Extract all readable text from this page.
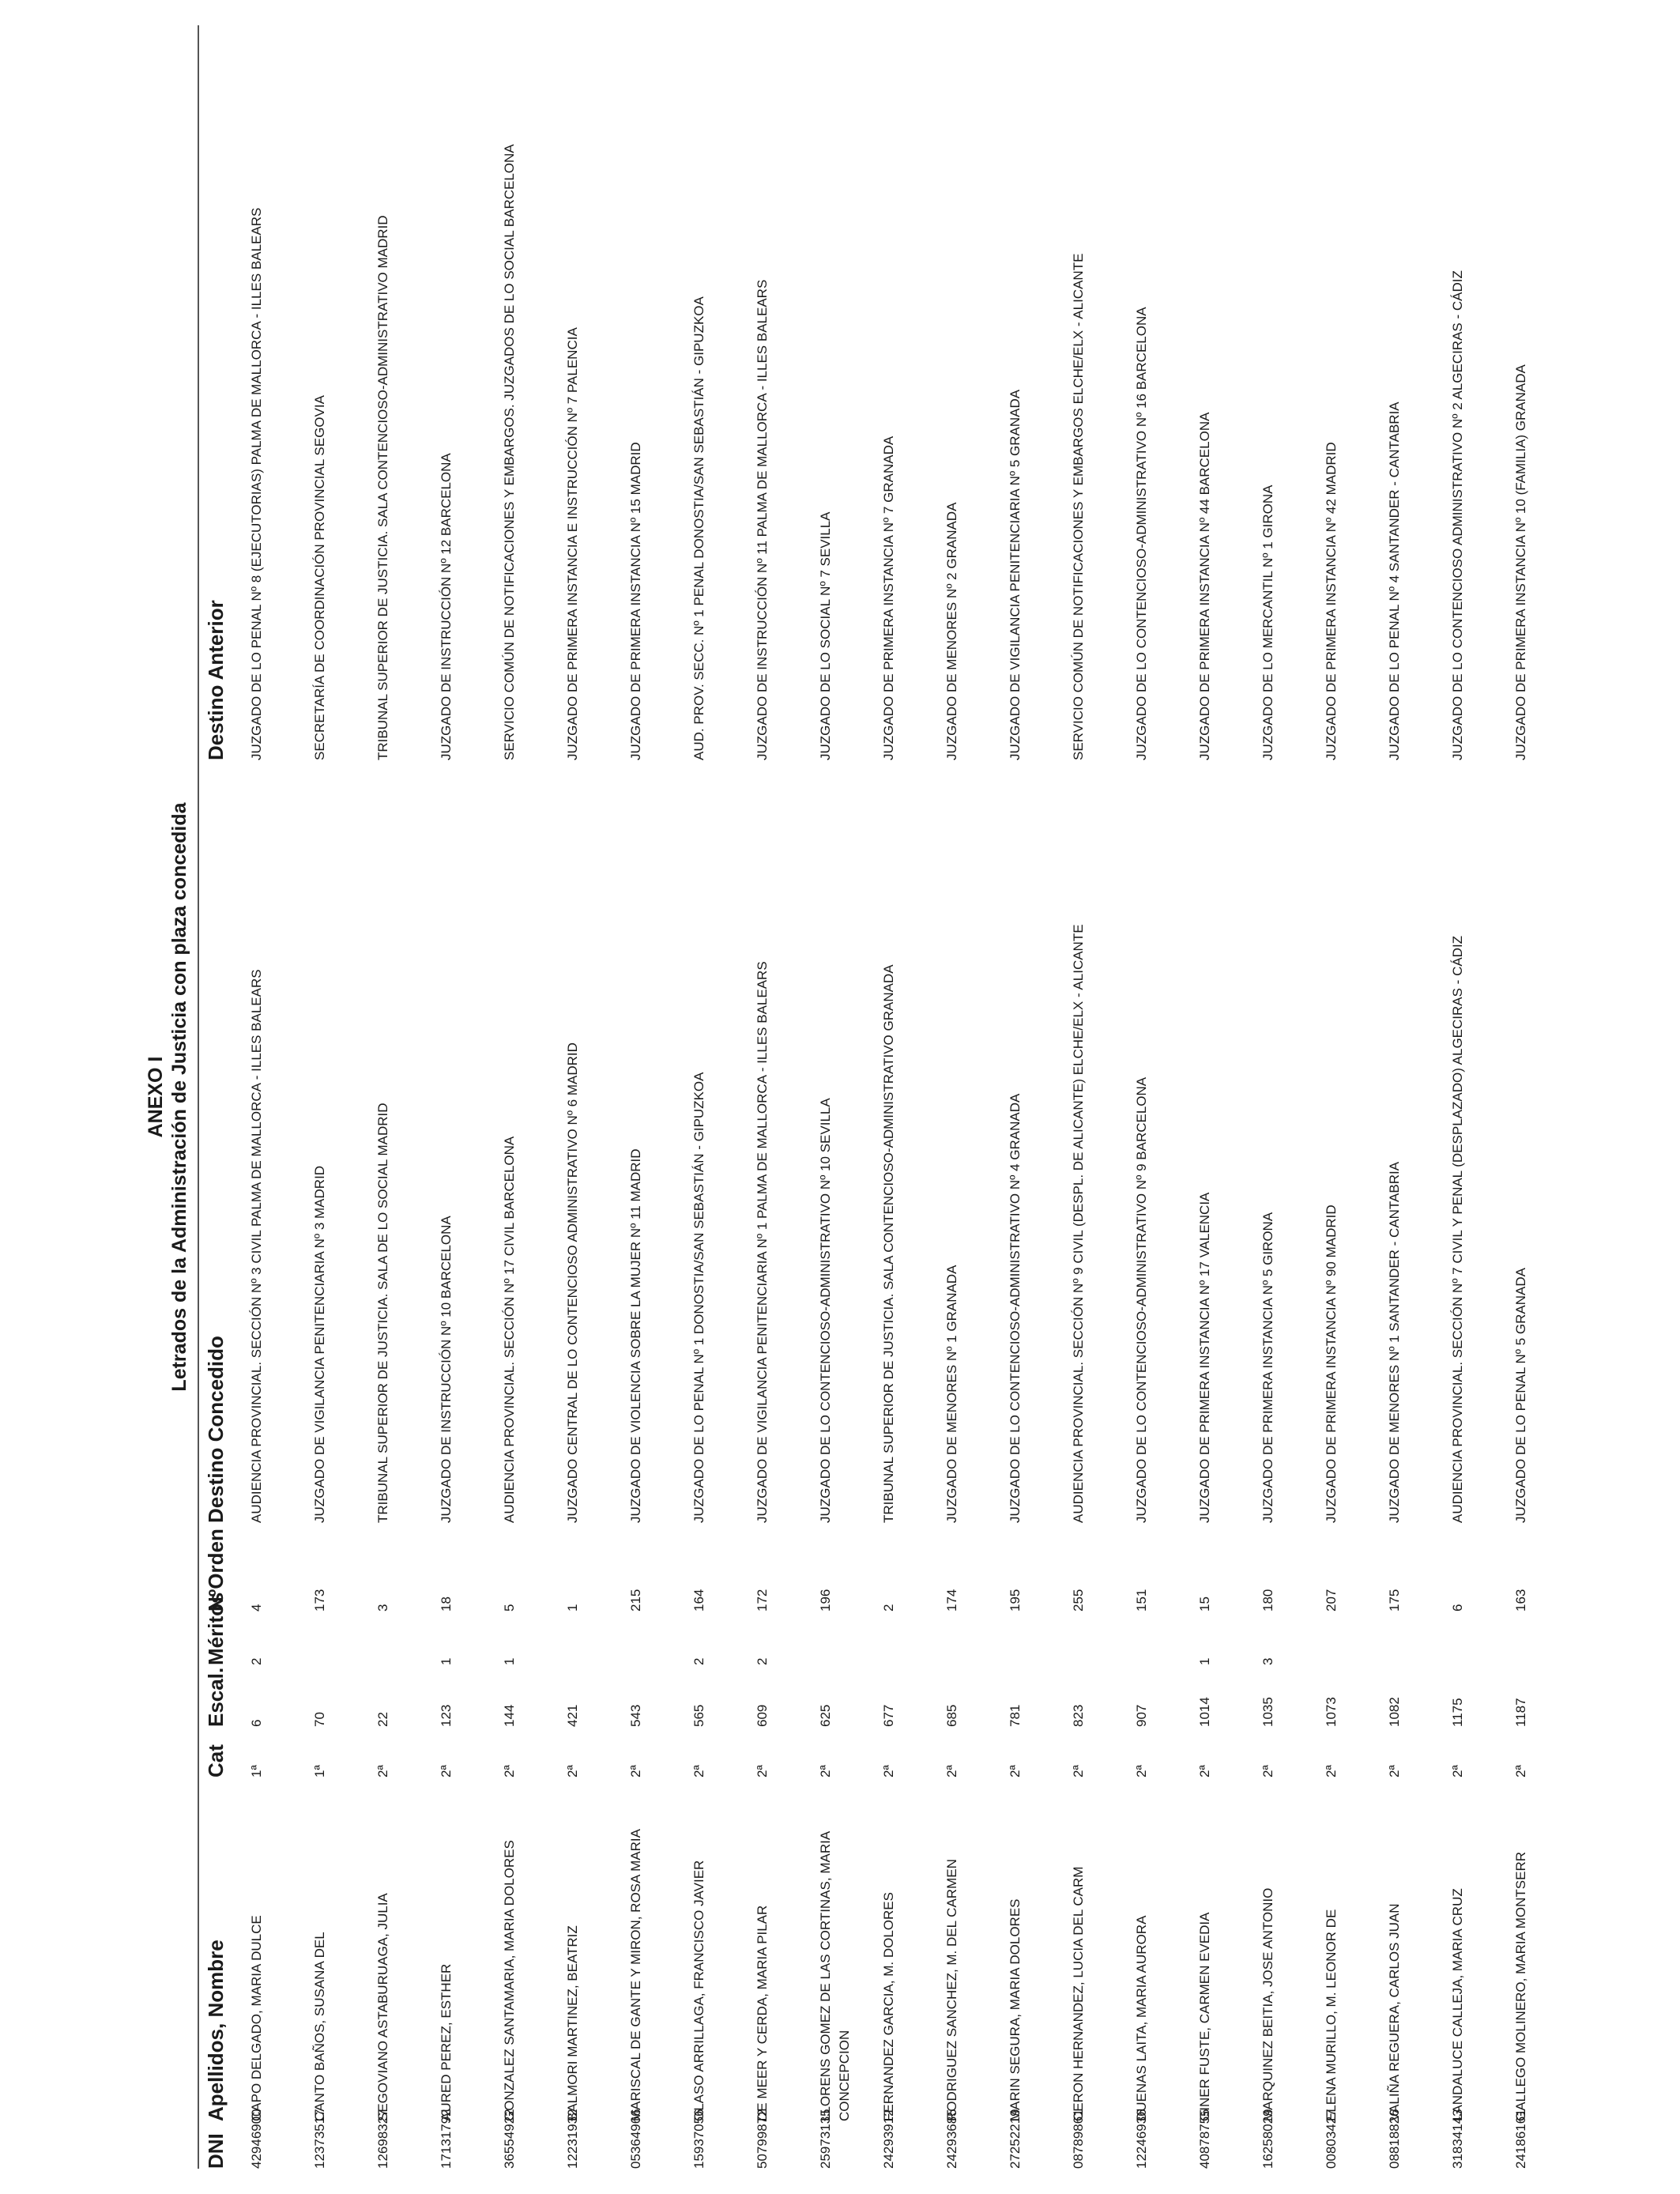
ANEXO I Letrados de la Administración de Justicia con plaza concedida
DNI	Apellidos, Nombre	Cat	Escal.	Méritos	NºOrden	Destino Concedido	Destino Anterior
42946900	CAPO DELGADO, MARIA DULCE	1ª	6	2	4	AUDIENCIA PROVINCIAL. SECCIÓN Nº 3 CIVIL PALMA DE MALLORCA - ILLES BALEARS	JUZGADO DE LO PENAL Nº 8 (EJECUTORIAS) PALMA DE MALLORCA - ILLES BALEARS
12373517	CANTO BAÑOS, SUSANA DEL	1ª	70		173	JUZGADO DE VIGILANCIA PENITENCIARIA Nº 3 MADRID	SECRETARÍA DE COORDINACIÓN PROVINCIAL SEGOVIA
12698327	SEGOVIANO ASTABURUAGA, JULIA	2ª	22		3	TRIBUNAL SUPERIOR DE JUSTICIA. SALA DE LO SOCIAL MADRID	TRIBUNAL SUPERIOR DE JUSTICIA. SALA CONTENCIOSO-ADMINISTRATIVO MADRID
17131792	AURED PEREZ, ESTHER	2ª	123	1	18	JUZGADO DE INSTRUCCIÓN Nº 10 BARCELONA	JUZGADO DE INSTRUCCIÓN Nº 12 BARCELONA
36554922	GONZALEZ SANTAMARIA, MARIA DOLORES	2ª	144	1	5	AUDIENCIA PROVINCIAL. SECCIÓN Nº 17 CIVIL BARCELONA	SERVICIO COMÚN DE NOTIFICACIONES Y EMBARGOS. JUZGADOS DE LO SOCIAL BARCELONA
12231932	BALMORI MARTINEZ, BEATRIZ	2ª	421		1	JUZGADO CENTRAL DE LO CONTENCIOSO ADMINISTRATIVO Nº 6 MADRID	JUZGADO DE PRIMERA INSTANCIA E INSTRUCCIÓN Nº 7 PALENCIA
05364966	MARISCAL DE GANTE Y MIRON, ROSA MARIA	2ª	543		215	JUZGADO DE VIOLENCIA SOBRE LA MUJER Nº 11 MADRID	JUZGADO DE PRIMERA INSTANCIA Nº 15 MADRID
15937056	OLASO ARRILLAGA, FRANCISCO JAVIER	2ª	565	2	164	JUZGADO DE LO PENAL Nº 1 DONOSTIA/SAN SEBASTIÁN - GIPUZKOA	AUD. PROV. SECC. Nº 1 PENAL DONOSTIA/SAN SEBASTIÁN - GIPUZKOA
50799872	DE MEER Y CERDA, MARIA PILAR	2ª	609	2	172	JUZGADO DE VIGILANCIA PENITENCIARIA Nº 1 PALMA DE MALLORCA - ILLES BALEARS	JUZGADO DE INSTRUCCIÓN Nº 11 PALMA DE MALLORCA - ILLES BALEARS
25973135	LLORENS GOMEZ DE LAS CORTINAS, MARIA CONCEPCION	2ª	625		196	JUZGADO DE LO CONTENCIOSO-ADMINISTRATIVO Nº 10 SEVILLA	JUZGADO DE LO SOCIAL Nº 7 SEVILLA
24293912	FERNANDEZ GARCIA, M. DOLORES	2ª	677		2	TRIBUNAL SUPERIOR DE JUSTICIA. SALA CONTENCIOSO-ADMINISTRATIVO GRANADA	JUZGADO DE PRIMERA INSTANCIA Nº 7 GRANADA
24293685	RODRIGUEZ SANCHEZ, M. DEL CARMEN	2ª	685		174	JUZGADO DE MENORES Nº 1 GRANADA	JUZGADO DE MENORES Nº 2 GRANADA
27252219	MARIN SEGURA, MARIA DOLORES	2ª	781		195	JUZGADO DE LO CONTENCIOSO-ADMINISTRATIVO Nº 4 GRANADA	JUZGADO DE VIGILANCIA PENITENCIARIA Nº 5 GRANADA
08789861	CERON HERNANDEZ, LUCIA DEL CARM	2ª	823		255	AUDIENCIA PROVINCIAL. SECCIÓN Nº 9 CIVIL (DESPL. DE ALICANTE) ELCHE/ELX - ALICANTE	SERVICIO COMÚN DE NOTIFICACIONES Y EMBARGOS ELCHE/ELX - ALICANTE
12246936	DUENAS LAITA, MARIA AURORA	2ª	907		151	JUZGADO DE LO CONTENCIOSO-ADMINISTRATIVO Nº 9 BARCELONA	JUZGADO DE LO CONTENCIOSO-ADMINISTRATIVO Nº 16 BARCELONA
40878755	GINER FUSTE, CARMEN EVEDIA	2ª	1014	1	15	JUZGADO DE PRIMERA INSTANCIA Nº 17 VALENCIA	JUZGADO DE PRIMERA INSTANCIA Nº 44 BARCELONA
16258029	MARQUINEZ BEITIA, JOSE ANTONIO	2ª	1035	3	180	JUZGADO DE PRIMERA INSTANCIA Nº 5 GIRONA	JUZGADO DE LO MERCANTIL Nº 1 GIRONA
00803427	ELENA MURILLO, M. LEONOR DE	2ª	1073		207	JUZGADO DE PRIMERA INSTANCIA Nº 90 MADRID	JUZGADO DE PRIMERA INSTANCIA Nº 42 MADRID
08818826	VALIÑA REGUERA, CARLOS JUAN	2ª	1082		175	JUZGADO DE MENORES Nº 1 SANTANDER - CANTABRIA	JUZGADO DE LO PENAL Nº 4 SANTANDER - CANTABRIA
31834143	LANDALUCE CALLEJA, MARIA CRUZ	2ª	1175		6	AUDIENCIA PROVINCIAL. SECCIÓN Nº 7 CIVIL Y PENAL (DESPLAZADO) ALGECIRAS - CÁDIZ	JUZGADO DE LO CONTENCIOSO ADMINISTRATIVO Nº 2 ALGECIRAS - CÁDIZ
24186161	GALLEGO MOLINERO, MARIA MONTSERR	2ª	1187		163	JUZGADO DE LO PENAL Nº 5 GRANADA	JUZGADO DE PRIMERA INSTANCIA Nº 10 (FAMILIA) GRANADA
